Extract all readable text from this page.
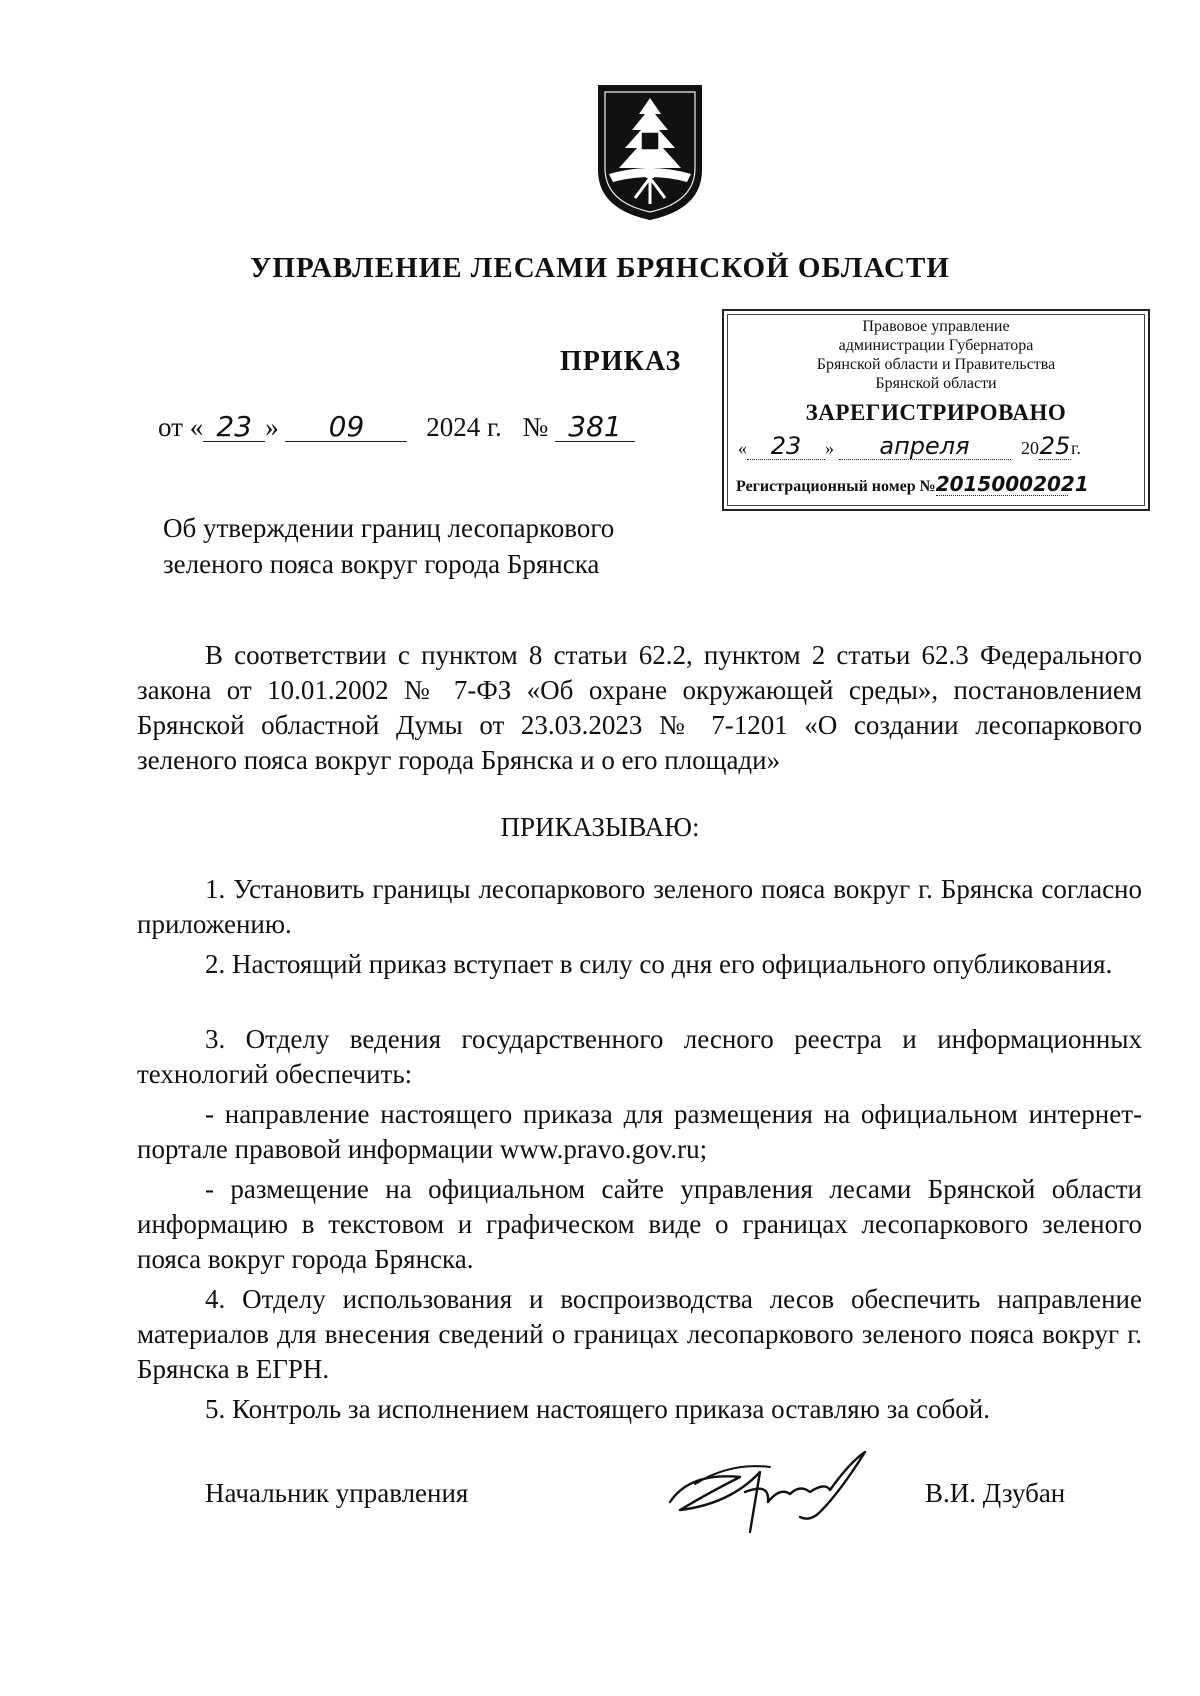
УПРАВЛЕНИЕ ЛЕСАМИ БРЯНСКОЙ ОБЛАСТИ
ПРИКАЗ
от « 23 » 09 2024 г. № 381
Правовое управление
администрации Губернатора
Брянской области и Правительства
Брянской области
ЗАРЕГИСТРИРОВАНО
« 23 » апреля	2025г.
Регистрационный номер №20150002021
Об утверждении границ лесопаркового
зеленого пояса вокруг города Брянска

В соответствии с пунктом 8 статьи 62.2, пунктом 2 статьи 62.3 Федерального закона от 10.01.2002 № 7-ФЗ «Об охране окружающей среды», постановлением Брянской областной Думы от 23.03.2023 № 7-1201 «О создании лесопаркового зеленого пояса вокруг города Брянска и о его площади»

ПРИКАЗЫВАЮ:

1. Установить границы лесопаркового зеленого пояса вокруг г. Брянска согласно приложению.

2. Настоящий приказ вступает в силу со дня его официального опубликования.

3. Отделу ведения государственного лесного реестра и информационных технологий обеспечить:

- направление настоящего приказа для размещения на официальном интернет-портале правовой информации www.pravo.gov.ru;

- размещение на официальном сайте управления лесами Брянской области информацию в текстовом и графическом виде о границах лесопаркового зеленого пояса вокруг города Брянска.

4. Отделу использования и воспроизводства лесов обеспечить направление материалов для внесения сведений о границах лесопаркового зеленого пояса вокруг г. Брянска в ЕГРН.

5. Контроль за исполнением настоящего приказа оставляю за собой.

Начальник управления	В.И. Дзубан
